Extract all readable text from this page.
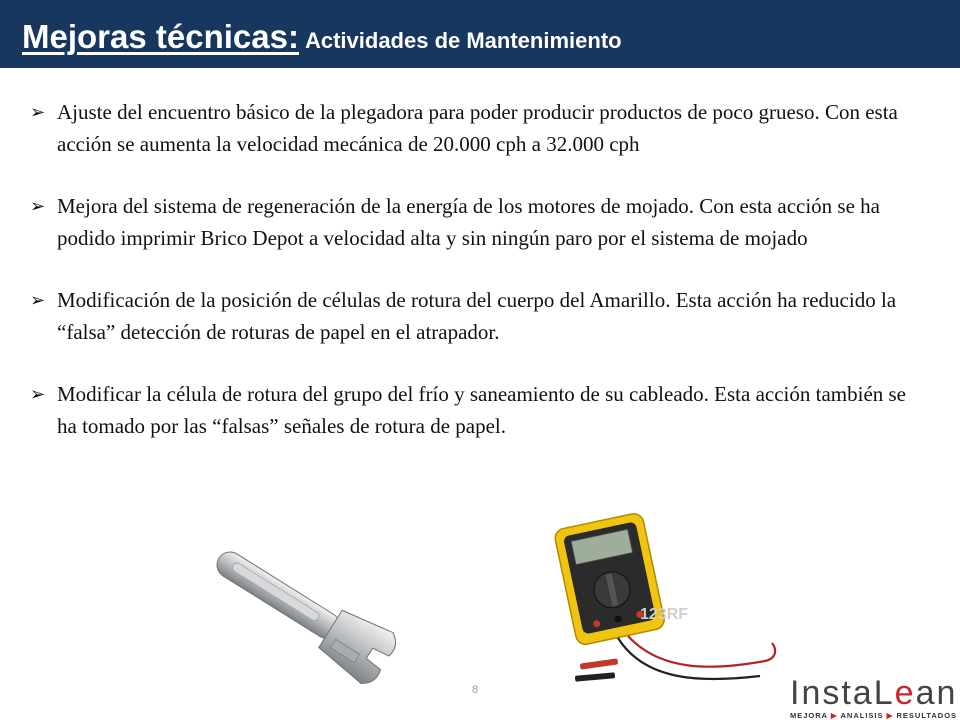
Mejoras técnicas: Actividades de Mantenimiento
➢ Ajuste del encuentro básico de la plegadora para poder producir productos de poco grueso. Con esta acción se aumenta la velocidad mecánica de 20.000 cph a 32.000 cph
➢ Mejora del sistema de regeneración de la energía de los motores de mojado. Con esta acción se ha podido imprimir Brico Depot a velocidad alta y sin ningún paro por el sistema de mojado
➢ Modificación de la posición de células de rotura del cuerpo del Amarillo. Esta acción ha reducido la “falsa” detección de roturas de papel en el atrapador.
➢ Modificar la célula de rotura del grupo del frío y saneamiento de su cableado. Esta acción también se ha tomado por las “falsas” señales de rotura de papel.
123RF
8	InstaLean
MEJORA ▶ ANALISIS ▶ RESULTADOS
